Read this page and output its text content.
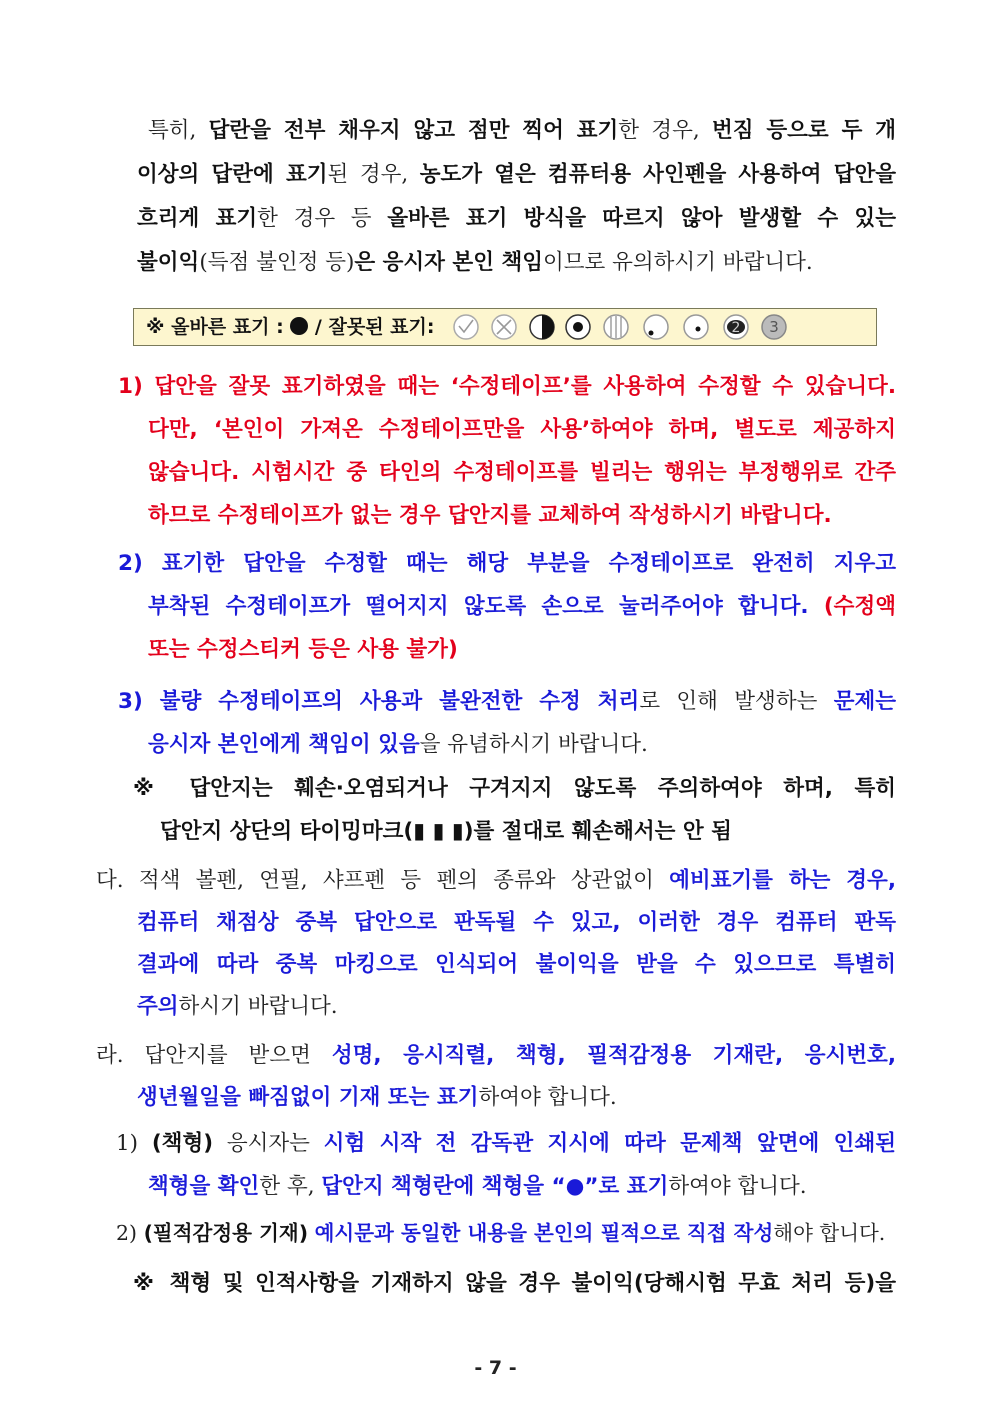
특히, 답란을 전부 채우지 않고 점만 찍어 표기한 경우, 번짐 등으로 두 개
이상의 답란에 표기된 경우, 농도가 옅은 컴퓨터용 사인펜을 사용하여 답안을
흐리게 표기한 경우 등 올바른 표기 방식을 따르지 않아 발생할 수 있는
불이익(득점 불인정 등)은 응시자 본인 책임이므로 유의하시기 바랍니다.
※ 올바른 표기 :  / 잘못된 표기:	2 3
1) 답안을 잘못 표기하였을 때는 ‘수정테이프’를 사용하여 수정할 수 있습니다.
다만, ‘본인이 가져온 수정테이프만을 사용’하여야 하며, 별도로 제공하지
않습니다. 시험시간 중 타인의 수정테이프를 빌리는 행위는 부정행위로 간주
하므로 수정테이프가 없는 경우 답안지를 교체하여 작성하시기 바랍니다.
2) 표기한 답안을 수정할 때는 해당 부분을 수정테이프로 완전히 지우고
부착된 수정테이프가 떨어지지 않도록 손으로 눌러주어야 합니다. (수정액
또는 수정스티커 등은 사용 불가)
3) 불량 수정테이프의 사용과 불완전한 수정 처리로 인해 발생하는 문제는
응시자 본인에게 책임이 있음을 유념하시기 바랍니다.
※ 답안지는 훼손·오염되거나 구겨지지 않도록 주의하여야 하며, 특히
답안지 상단의 타이밍마크(▮ ▮ ▮)를 절대로 훼손해서는 안 됨
다. 적색 볼펜, 연필, 샤프펜 등 펜의 종류와 상관없이 예비표기를 하는 경우,
컴퓨터 채점상 중복 답안으로 판독될 수 있고, 이러한 경우 컴퓨터 판독
결과에 따라 중복 마킹으로 인식되어 불이익을 받을 수 있으므로 특별히
주의하시기 바랍니다.
라. 답안지를 받으면 성명, 응시직렬, 책형, 필적감정용 기재란, 응시번호,
생년월일을 빠짐없이 기재 또는 표기하여야 합니다.
1) (책형) 응시자는 시험 시작 전 감독관 지시에 따라 문제책 앞면에 인쇄된
책형을 확인한 후, 답안지 책형란에 책형을 “●”로 표기하여야 합니다.
2) (필적감정용 기재) 예시문과 동일한 내용을 본인의 필적으로 직접 작성해야 합니다.
※ 책형 및 인적사항을 기재하지 않을 경우 불이익(당해시험 무효 처리 등)을
- 7 -
